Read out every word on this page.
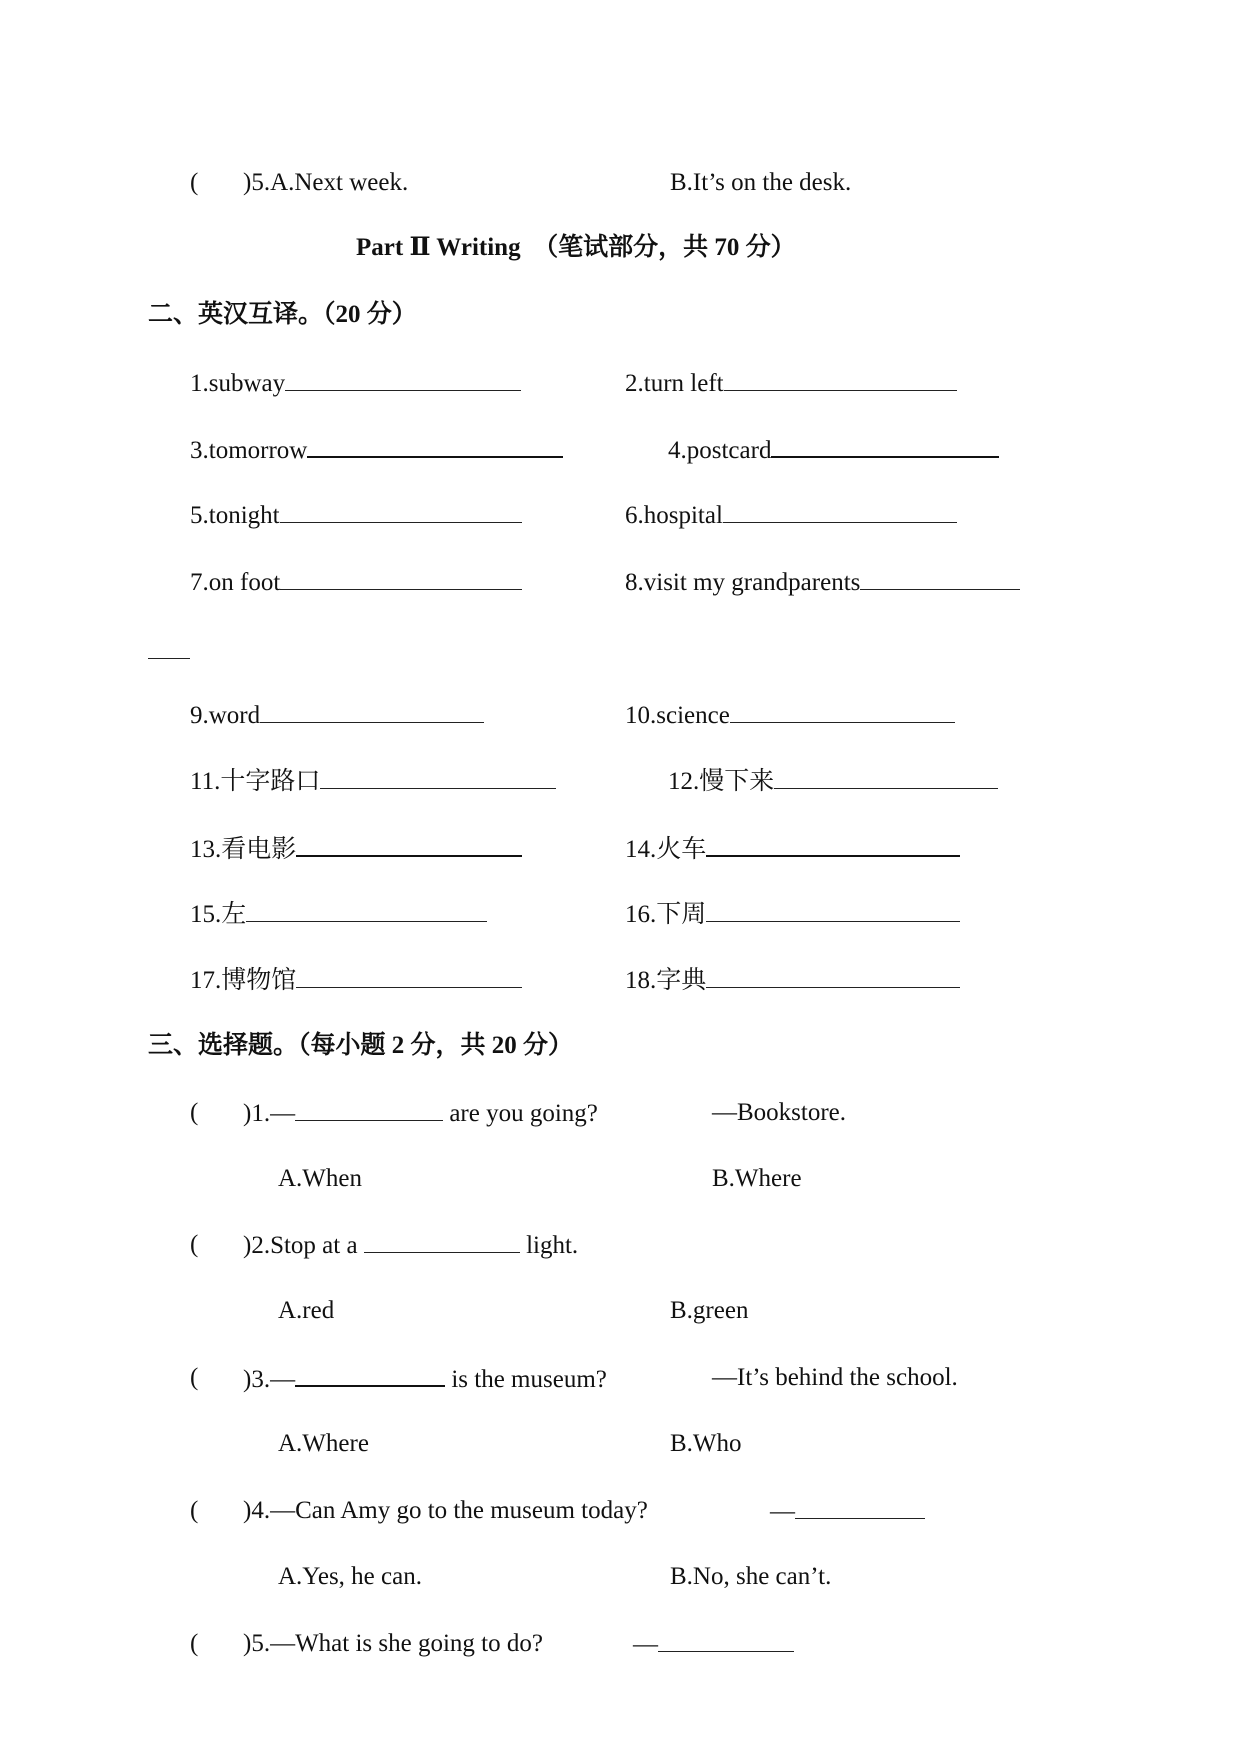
( )5.A.Next week.	B.It’s on the desk.
Part Ⅱ Writing　（笔试部分，共 70 分）
二、英汉互译。（20 分）
1.subway	2.turn left
3.tomorrow	4.postcard
5.tonight	6.hospital
7.on foot	8.visit my grandparents
9.word	10.science
11.十字路口	12.慢下来
13.看电影	14.火车
15.左	16.下周
17.博物馆	18.字典
三、选择题。（每小题 2 分，共 20 分）
( )1.—	are you going?	—Bookstore.
A.When	B.Where
( )2.Stop at a	light.
A.red	B.green
( )3.—	is the museum?	—It’s behind the school.
A.Where	B.Who
( )4.—Can Amy go to the museum today?	—
A.Yes, he can.	B.No, she can’t.
( )5.—What is she going to do?	—
